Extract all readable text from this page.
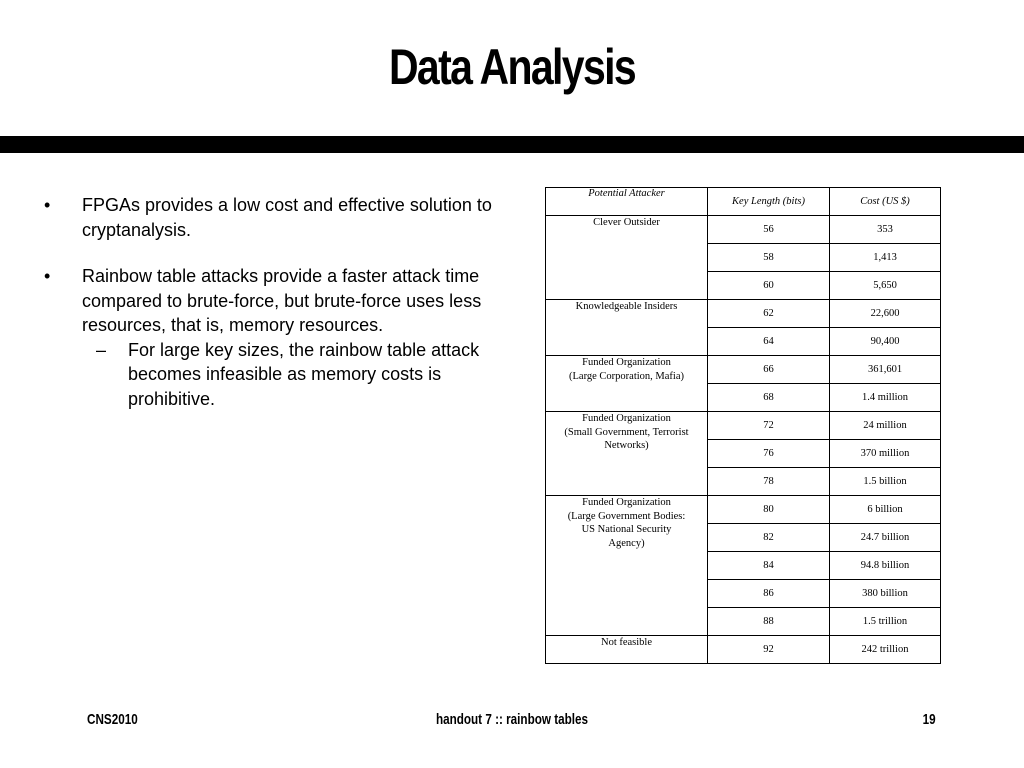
Data Analysis
• FPGAs provides a low cost and effective solution to cryptanalysis.
• Rainbow table attacks provide a faster attack time compared to brute-force, but brute-force uses less resources, that is, memory resources.
– For large key sizes, the rainbow table attack becomes infeasible as memory costs is prohibitive.
Potential Attacker	Key Length (bits)	Cost (US $)

Clever Outsider	56	353
	58	1,413
	60	5,650

Knowledgeable Insiders	62	22,600
	64	90,400

Funded Organization
(Large Corporation, Mafia)	66	361,601
	68	1.4 million

Funded Organization
(Small Government, Terrorist
Networks)	72	24 million
	76	370 million
	78	1.5 billion

Funded Organization
(Large Government Bodies:
US National Security
Agency)	80	6 billion
	82	24.7 billion
	84	94.8 billion
	86	380 billion
	88	1.5 trillion

Not feasible	92	242 trillion
CNS2010	handout 7 :: rainbow tables	19
